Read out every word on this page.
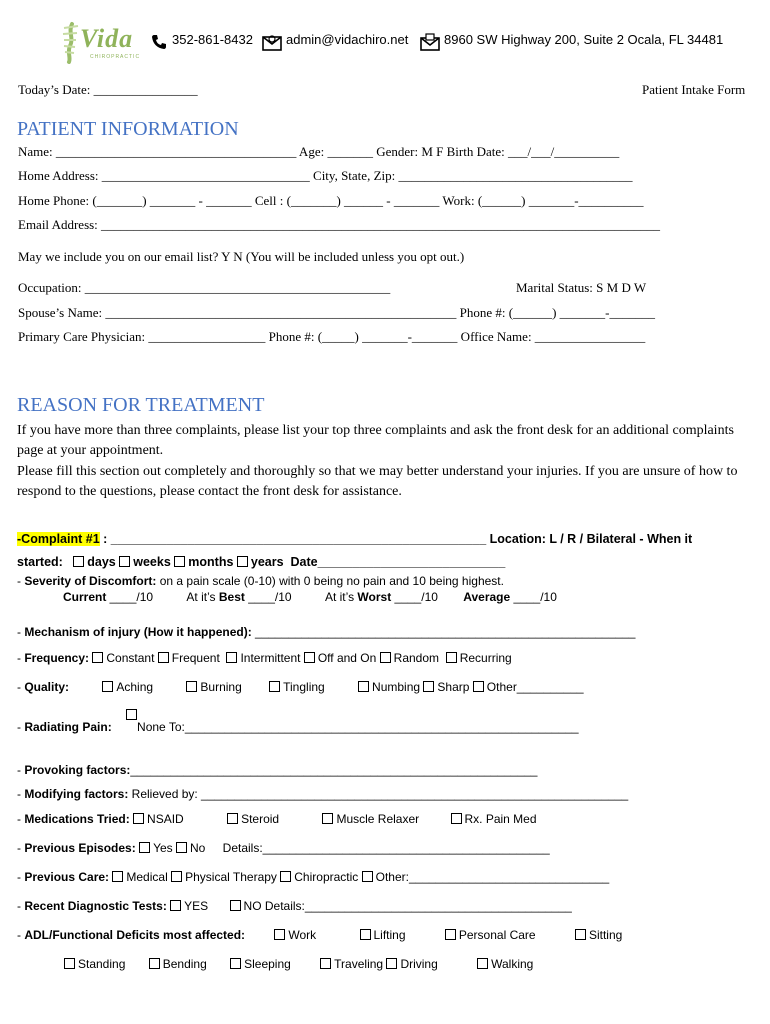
Vida
CHIROPRACTIC
352-861-8432	admin@vidachiro.net	8960 SW Highway 200, Suite 2 Ocala, FL 34481
Today’s Date: ________________	Patient Intake Form
PATIENT INFORMATION
Name: _____________________________________ Age: _______ Gender: M F Birth Date: ___/___/__________
Home Address: ________________________________ City, State, Zip: ____________________________________
Home Phone: (_______) _______ - _______ Cell : (_______) ______ - _______ Work: (______) _______-__________
Email Address: ______________________________________________________________________________________
May we include you on our email list? Y N (You will be included unless you opt out.)
Occupation: _______________________________________________	Marital Status: S M D W
Spouse’s Name: ______________________________________________________ Phone #: (______) _______-_______
Primary Care Physician: __________________ Phone #: (_____) _______-_______ Office Name: _________________
REASON FOR TREATMENT
If you have more than three complaints, please list your top three complaints and ask the front desk for an additional complaints page at your appointment.
Please fill this section out completely and thoroughly so that we may better understand your injuries. If you are unsure of how to respond to the questions, please contact the front desk for assistance.
-Complaint #1 : ______________________________________________________ Location: L / R / Bilateral - When it
started: days weeks months years Date___________________________
- Severity of Discomfort: on a pain scale (0-10) with 0 being no pain and 10 being highest.
Current ____/10	At it’s Best ____/10	At it’s Worst ____/10 Average ____/10
- Mechanism of injury (How it happened): _________________________________________________________
- Frequency: Constant Frequent Intermittent Off and On Random Recurring
- Quality:	Aching	Burning	Tingling	Numbing Sharp Other__________
- Radiating Pain: None To:___________________________________________________________
- Provoking factors:_____________________________________________________________
- Modifying factors: Relieved by: ________________________________________________________________
- Medications Tried: NSAID	Steroid	Muscle Relaxer	Rx. Pain Med
- Previous Episodes: Yes No Details:___________________________________________
- Previous Care: Medical Physical Therapy Chiropractic Other:______________________________
- Recent Diagnostic Tests: YES	NO Details:________________________________________
- ADL/Functional Deficits most affected:	Work	Lifting	Personal Care	Sitting
Standing	Bending	Sleeping	Traveling Driving	Walking
